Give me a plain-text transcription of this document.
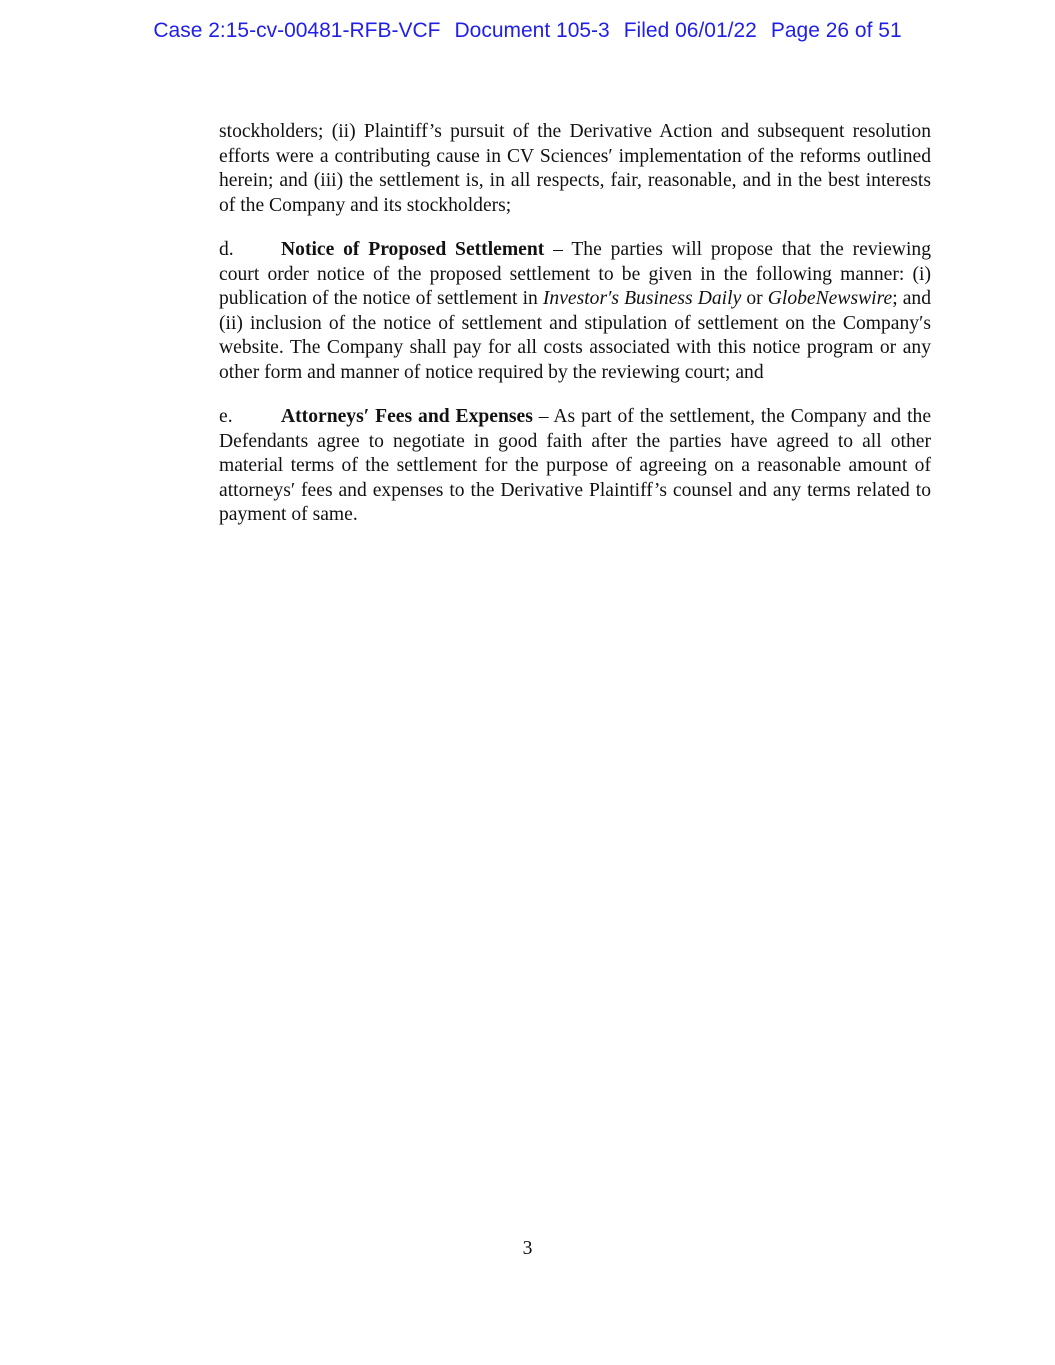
Case 2:15-cv-00481-RFB-VCF Document 105-3 Filed 06/01/22 Page 26 of 51

stockholders; (ii) Plaintiff’s pursuit of the Derivative Action and subsequent resolution efforts were a contributing cause in CV Sciences′ implementation of the reforms outlined herein; and (iii) the settlement is, in all respects, fair, reasonable, and in the best interests of the Company and its stockholders;

d. Notice of Proposed Settlement – The parties will propose that the reviewing court order notice of the proposed settlement to be given in the following manner: (i) publication of the notice of settlement in Investor′s Business Daily or GlobeNewswire; and (ii) inclusion of the notice of settlement and stipulation of settlement on the Company′s website. The Company shall pay for all costs associated with this notice program or any other form and manner of notice required by the reviewing court; and

e. Attorneys′ Fees and Expenses – As part of the settlement, the Company and the Defendants agree to negotiate in good faith after the parties have agreed to all other material terms of the settlement for the purpose of agreeing on a reasonable amount of attorneys′ fees and expenses to the Derivative Plaintiff’s counsel and any terms related to payment of same.

3
